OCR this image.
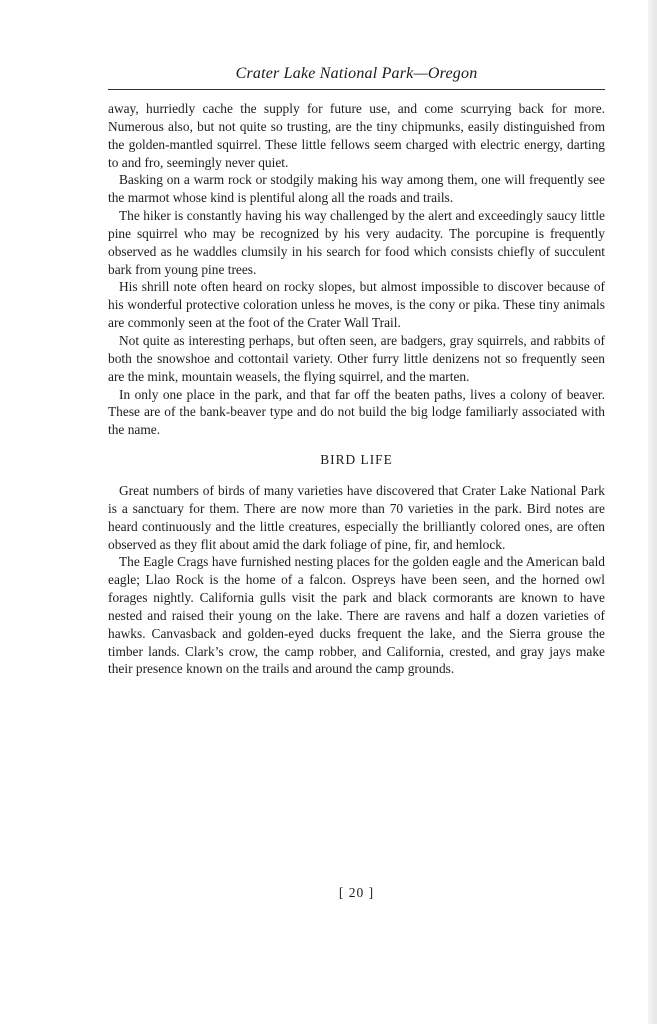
Crater Lake National Park—Oregon

away, hurriedly cache the supply for future use, and come scurrying back for more. Numerous also, but not quite so trusting, are the tiny chipmunks, easily distinguished from the golden-mantled squirrel. These little fellows seem charged with electric energy, darting to and fro, seemingly never quiet.

Basking on a warm rock or stodgily making his way among them, one will frequently see the marmot whose kind is plentiful along all the roads and trails.

The hiker is constantly having his way challenged by the alert and exceedingly saucy little pine squirrel who may be recognized by his very audacity. The porcupine is frequently observed as he waddles clumsily in his search for food which consists chiefly of succulent bark from young pine trees.

His shrill note often heard on rocky slopes, but almost impossible to discover because of his wonderful protective coloration unless he moves, is the cony or pika. These tiny animals are commonly seen at the foot of the Crater Wall Trail.

Not quite as interesting perhaps, but often seen, are badgers, gray squirrels, and rabbits of both the snowshoe and cottontail variety. Other furry little denizens not so frequently seen are the mink, mountain weasels, the flying squirrel, and the marten.

In only one place in the park, and that far off the beaten paths, lives a colony of beaver. These are of the bank-beaver type and do not build the big lodge familiarly associated with the name.

BIRD LIFE

Great numbers of birds of many varieties have discovered that Crater Lake National Park is a sanctuary for them. There are now more than 70 varieties in the park. Bird notes are heard continuously and the little creatures, especially the brilliantly colored ones, are often observed as they flit about amid the dark foliage of pine, fir, and hemlock.

The Eagle Crags have furnished nesting places for the golden eagle and the American bald eagle; Llao Rock is the home of a falcon. Ospreys have been seen, and the horned owl forages nightly. California gulls visit the park and black cormorants are known to have nested and raised their young on the lake. There are ravens and half a dozen varieties of hawks. Canvasback and golden-eyed ducks frequent the lake, and the Sierra grouse the timber lands. Clark’s crow, the camp robber, and California, crested, and gray jays make their presence known on the trails and around the camp grounds.

[ 20 ]
